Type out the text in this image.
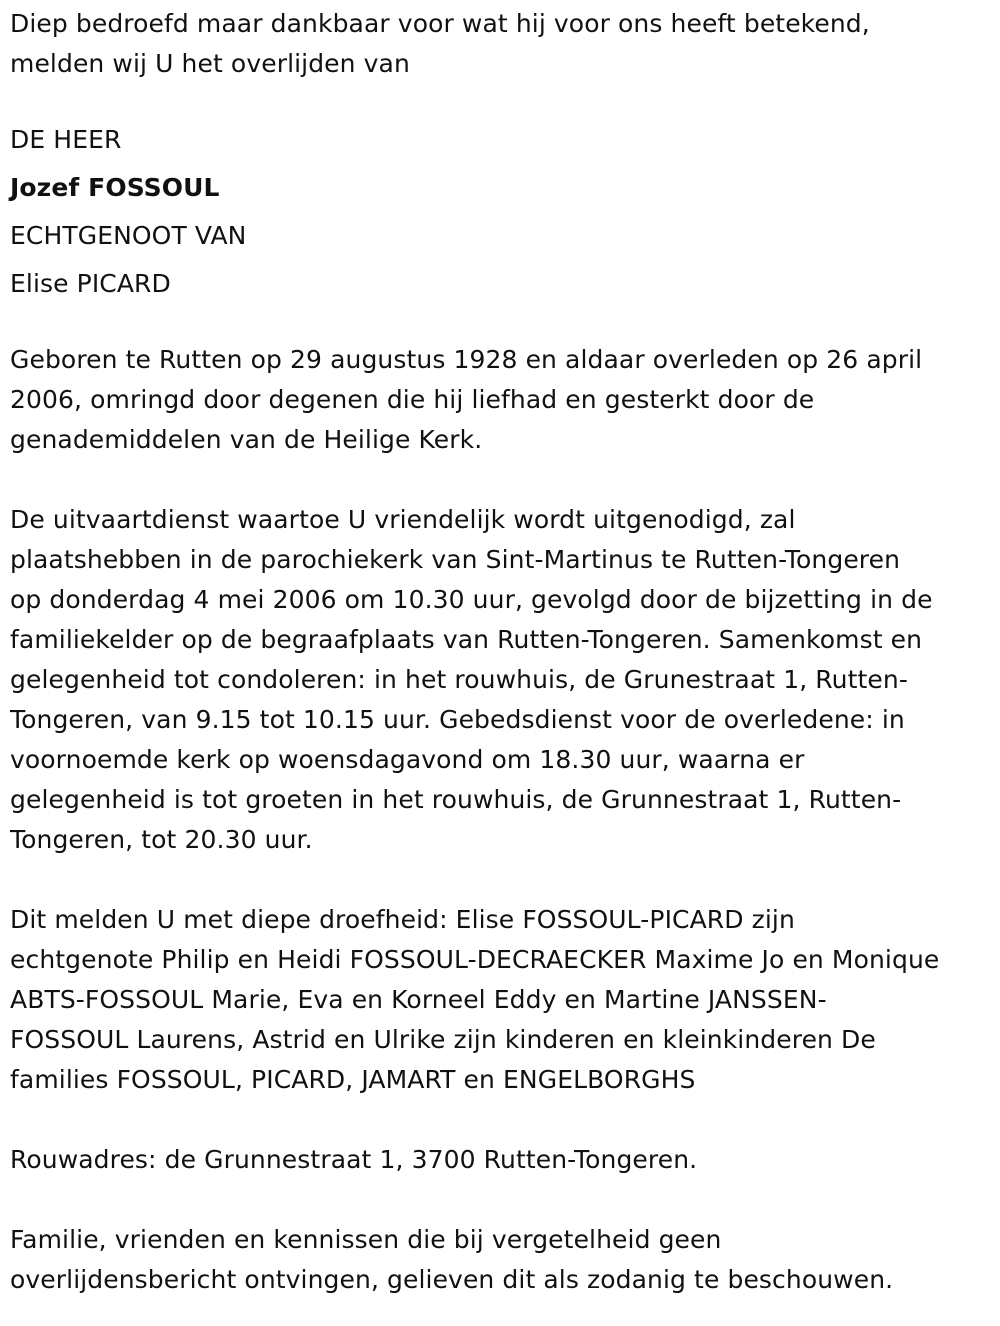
Diep bedroefd maar dankbaar voor wat hij voor ons heeft betekend,
melden wij U het overlijden van

DE HEER
Jozef FOSSOUL
ECHTGENOOT VAN
Elise PICARD

Geboren te Rutten op 29 augustus 1928 en aldaar overleden op 26 april
2006, omringd door degenen die hij liefhad en gesterkt door de
genademiddelen van de Heilige Kerk.

De uitvaartdienst waartoe U vriendelijk wordt uitgenodigd, zal
plaatshebben in de parochiekerk van Sint-Martinus te Rutten-Tongeren
op donderdag 4 mei 2006 om 10.30 uur, gevolgd door de bijzetting in de
familiekelder op de begraafplaats van Rutten-Tongeren. Samenkomst en
gelegenheid tot condoleren: in het rouwhuis, de Grunestraat 1, Rutten-
Tongeren, van 9.15 tot 10.15 uur. Gebedsdienst voor de overledene: in
voornoemde kerk op woensdagavond om 18.30 uur, waarna er
gelegenheid is tot groeten in het rouwhuis, de Grunnestraat 1, Rutten-
Tongeren, tot 20.30 uur.

Dit melden U met diepe droefheid: Elise FOSSOUL-PICARD zijn
echtgenote Philip en Heidi FOSSOUL-DECRAECKER Maxime Jo en Monique
ABTS-FOSSOUL Marie, Eva en Korneel Eddy en Martine JANSSEN-
FOSSOUL Laurens, Astrid en Ulrike zijn kinderen en kleinkinderen De
families FOSSOUL, PICARD, JAMART en ENGELBORGHS

Rouwadres: de Grunnestraat 1, 3700 Rutten-Tongeren.

Familie, vrienden en kennissen die bij vergetelheid geen
overlijdensbericht ontvingen, gelieven dit als zodanig te beschouwen.
